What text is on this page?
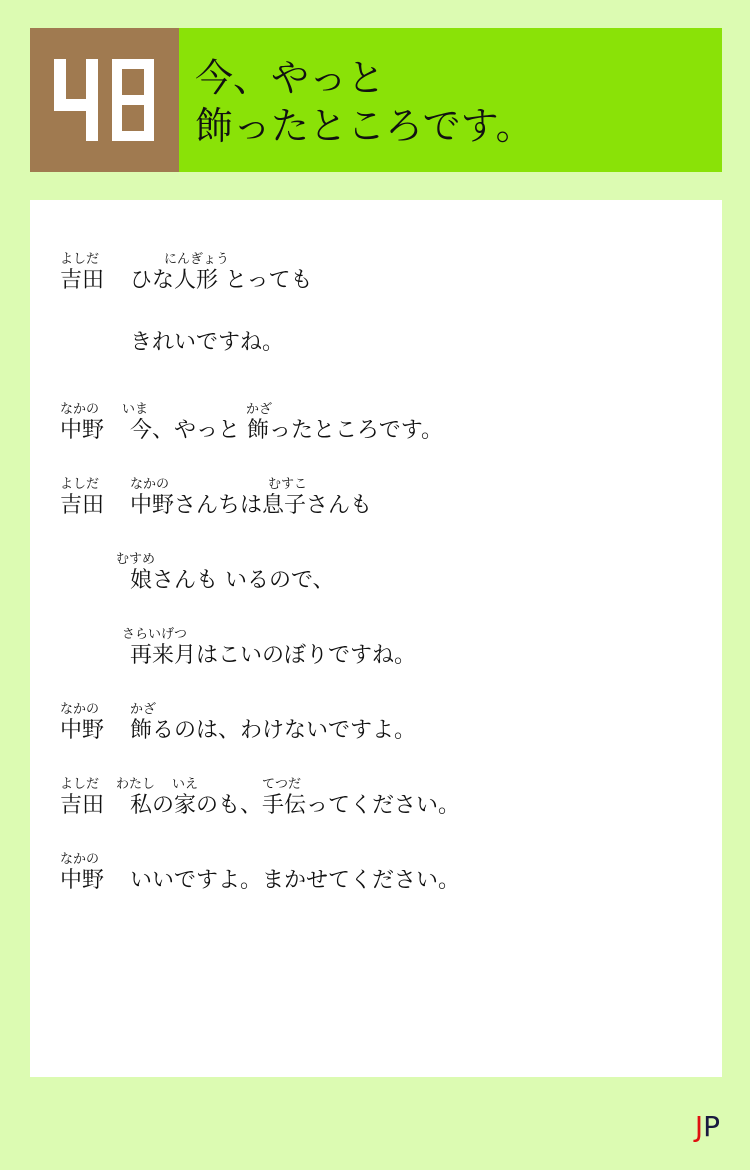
今、やっと
飾ったところです。
よしだ
吉田
にんぎょう
ひな人形 とっても
きれいですね。
なかの
中野
いま	かざ
今、やっと 飾ったところです。
よしだ
吉田
なかの	むすこ
中野さんちは息子さんも
むすめ
娘さんも いるので、
さらいげつ
再来月はこいのぼりですね。
なかの
中野
かざ
飾るのは、わけないですよ。
よしだ
吉田
わたし いえ	てつだ
私の家のも、手伝ってください。
なかの
中野 いいですよ。まかせてください。
JP
